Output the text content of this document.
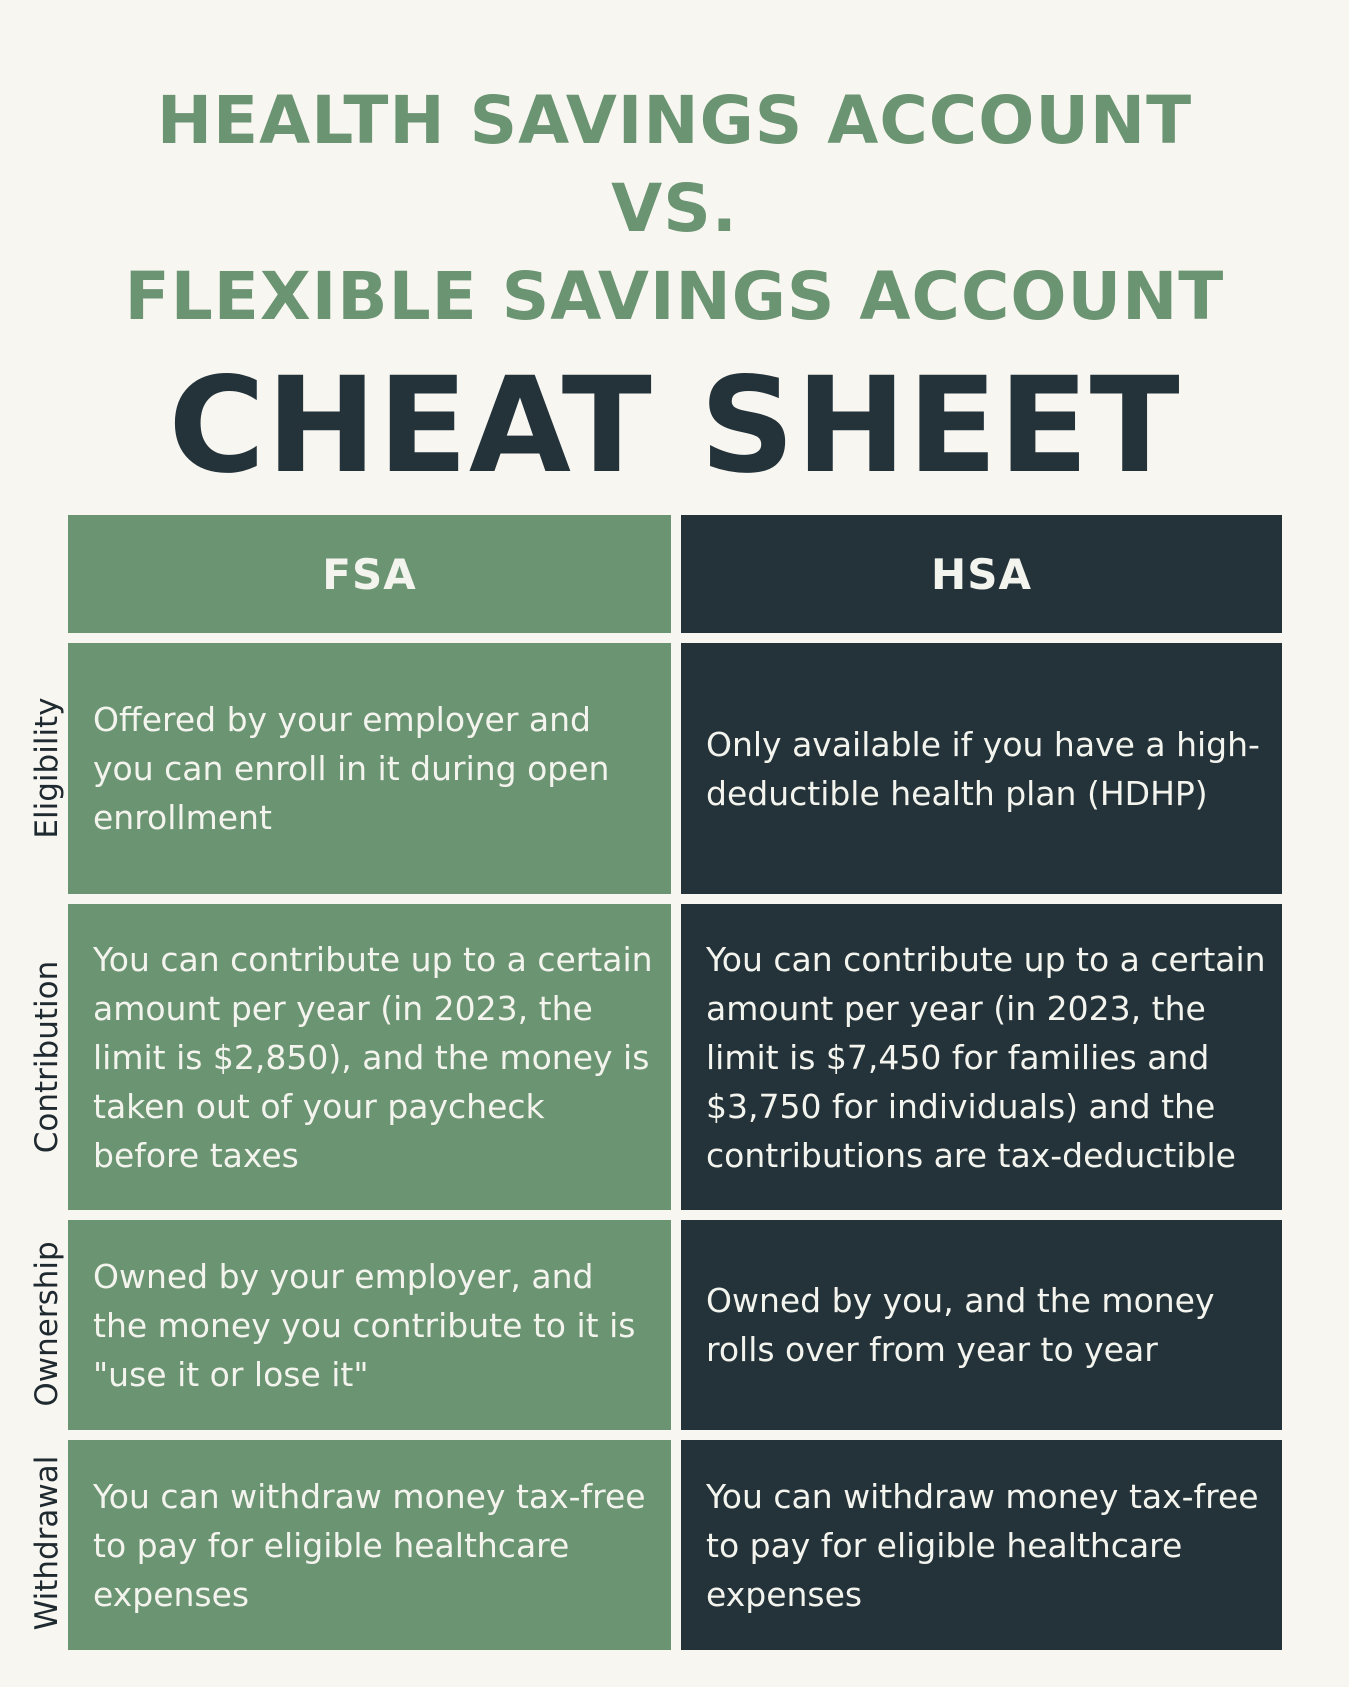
HEALTH SAVINGS ACCOUNT
VS.
FLEXIBLE SAVINGS ACCOUNT
CHEAT SHEET
FSA	HSA
Eligibility Offered by your employer and you can enroll in it during open enrollment
Only available if you have a high-deductible health plan (HDHP)
Contribution
You can contribute up to a certain amount per year (in 2023, the limit is $2,850), and the money is taken out of your paycheck before taxes
You can contribute up to a certain amount per year (in 2023, the limit is $7,450 for families and $3,750 for individuals) and the contributions are tax-deductible
Ownership Owned by your employer, and the money you contribute to it is "use it or lose it"
Owned by you, and the money rolls over from year to year
Withdrawal You can withdraw money tax-free to pay for eligible healthcare expenses
You can withdraw money tax-free to pay for eligible healthcare expenses
